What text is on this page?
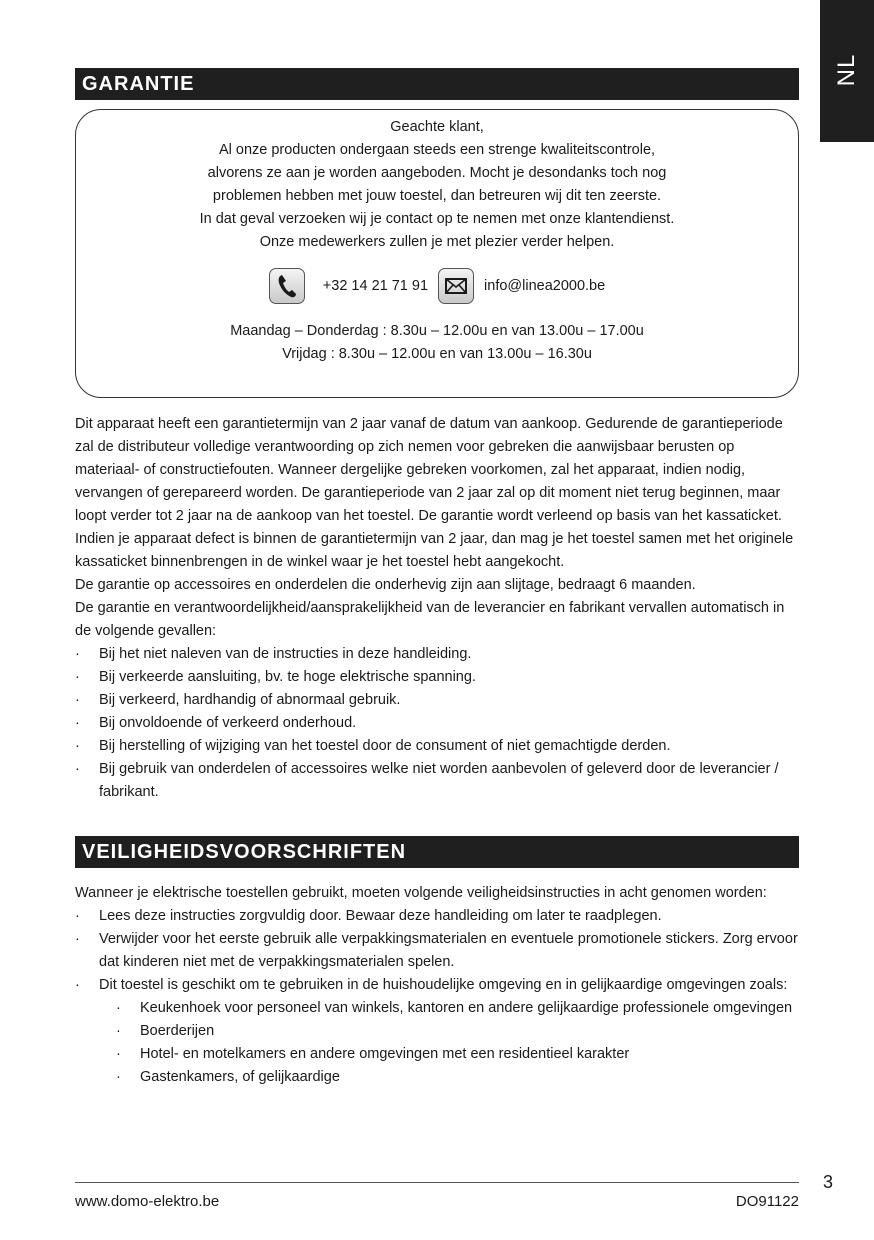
NL
GARANTIE
Geachte klant,
Al onze producten ondergaan steeds een strenge kwaliteitscontrole,
alvorens ze aan je worden aangeboden. Mocht je desondanks toch nog
problemen hebben met jouw toestel, dan betreuren wij dit ten zeerste.
In dat geval verzoeken wij je contact op te nemen met onze klantendienst.
Onze medewerkers zullen je met plezier verder helpen.
+32 14 21 71 91	info@linea2000.be
Maandag – Donderdag : 8.30u – 12.00u en van 13.00u – 17.00u
Vrijdag : 8.30u – 12.00u en van 13.00u – 16.30u

Dit apparaat heeft een garantietermijn van 2 jaar vanaf de datum van aankoop. Gedurende de garantieperiode zal de distributeur volledige verantwoording op zich nemen voor gebreken die aanwijsbaar berusten op materiaal- of constructiefouten. Wanneer dergelijke gebreken voorkomen, zal het apparaat, indien nodig, vervangen of gerepareerd worden. De garantieperiode van 2 jaar zal op dit moment niet terug beginnen, maar loopt verder tot 2 jaar na de aankoop van het toestel. De garantie wordt verleend op basis van het kassaticket. Indien je apparaat defect is binnen de garantietermijn van 2 jaar, dan mag je het toestel samen met het originele kassaticket binnenbrengen in de winkel waar je het toestel hebt aangekocht.

De garantie op accessoires en onderdelen die onderhevig zijn aan slijtage, bedraagt 6 maanden.

De garantie en verantwoordelijkheid/aansprakelijkheid van de leverancier en fabrikant vervallen automatisch in de volgende gevallen:

· Bij het niet naleven van de instructies in deze handleiding.
· Bij verkeerde aansluiting, bv. te hoge elektrische spanning.
· Bij verkeerd, hardhandig of abnormaal gebruik.
· Bij onvoldoende of verkeerd onderhoud.
· Bij herstelling of wijziging van het toestel door de consument of niet gemachtigde derden.
· Bij gebruik van onderdelen of accessoires welke niet worden aanbevolen of geleverd door de leverancier / fabrikant.
VEILIGHEIDSVOORSCHRIFTEN

Wanneer je elektrische toestellen gebruikt, moeten volgende veiligheidsinstructies in acht genomen worden:

· Lees deze instructies zorgvuldig door. Bewaar deze handleiding om later te raadplegen.
· Verwijder voor het eerste gebruik alle verpakkingsmaterialen en eventuele promotionele stickers. Zorg ervoor dat kinderen niet met de verpakkingsmaterialen spelen.
· Dit toestel is geschikt om te gebruiken in de huishoudelijke omgeving en in gelijkaardige omgevingen zoals:
· Keukenhoek voor personeel van winkels, kantoren en andere gelijkaardige professionele omgevingen
· Boerderijen
· Hotel- en motelkamers en andere omgevingen met een residentieel karakter
· Gastenkamers, of gelijkaardige
3
www.domo-elektro.be	DO91122
